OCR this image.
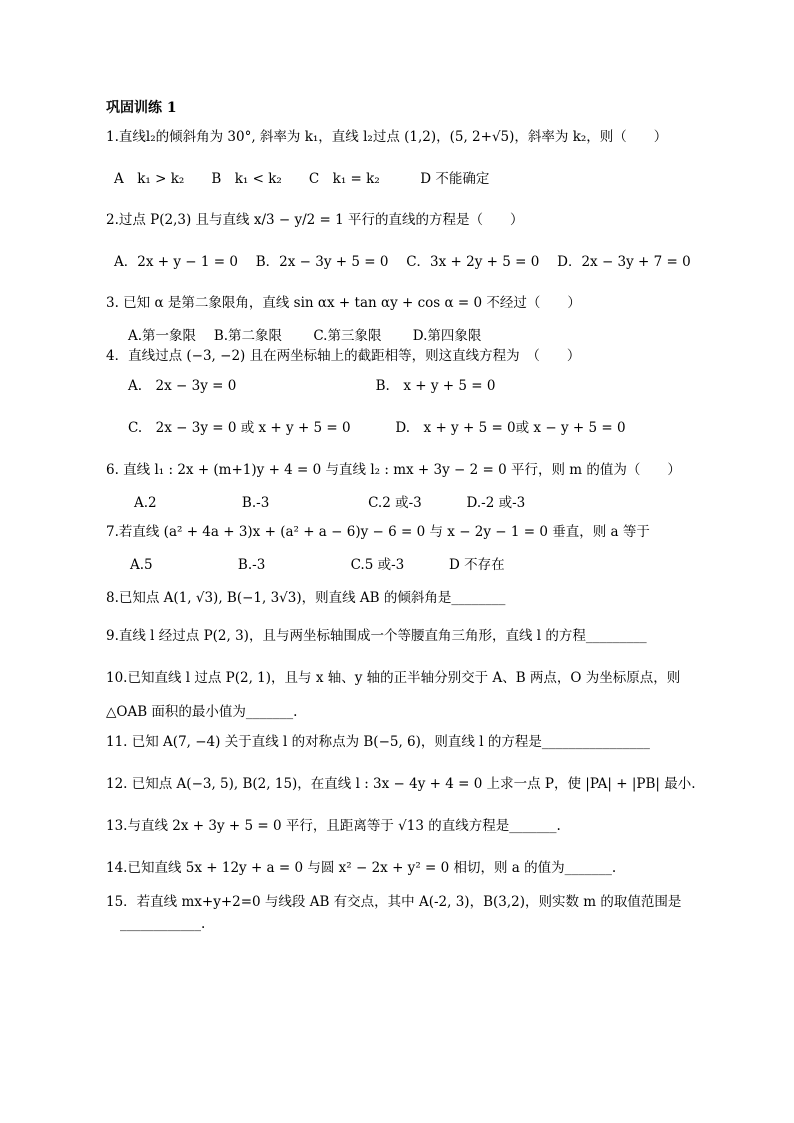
巩固训练 1
1.直线l₂的倾斜角为 30°, 斜率为 k₁，直线 l₂过点 (1,2)，(5, 2+√5)，斜率为 k₂，则（　　）
A　k₁ > k₂　　B　k₁ < k₂　　C　k₁ = k₂　　　D 不能确定
2.过点 P(2,3) 且与直线 x/3 − y/2 = 1 平行的直线的方程是（　　）
A．2x + y − 1 = 0　 B．2x − 3y + 5 = 0　 C．3x + 2y + 5 = 0　 D．2x − 3y + 7 = 0
3. 已知 α 是第二象限角，直线 sin αx + tan αy + cos α = 0 不经过（　　）
A.第一象限　 B.第二象限　　 C.第三象限　　 D.第四象限
4．直线过点 (−3, −2) 且在两坐标轴上的截距相等，则这直线方程为　（　　）
A.　2x − 3y = 0　　　　　　　　　　 B.　x + y + 5 = 0
C.　2x − 3y = 0 或 x + y + 5 = 0　　　 D.　x + y + 5 = 0或 x − y + 5 = 0
6. 直线 l₁ : 2x + (m+1)y + 4 = 0 与直线 l₂ : mx + 3y − 2 = 0 平行，则 m 的值为（　　）
A.2　　　　　　 B.-3　　　　　　　 C.2 或-3　　　 D.-2 或-3
7.若直线 (a² + 4a + 3)x + (a² + a − 6)y − 6 = 0 与 x − 2y − 1 = 0 垂直，则 a 等于
A.5　　　　　　 B.-3　　　　　　 C.5 或-3　　　 D 不存在
8.已知点 A(1, √3), B(−1, 3√3)，则直线 AB 的倾斜角是________
9.直线 l 经过点 P(2, 3)，且与两坐标轴围成一个等腰直角三角形，直线 l 的方程_________
10.已知直线 l 过点 P(2, 1)，且与 x 轴、y 轴的正半轴分别交于 A、B 两点，O 为坐标原点，则
△OAB 面积的最小值为_______.
11. 已知 A(7, −4) 关于直线 l 的对称点为 B(−5, 6)，则直线 l 的方程是________________
12. 已知点 A(−3, 5), B(2, 15)，在直线 l : 3x − 4y + 4 = 0 上求一点 P，使 |PA| + |PB| 最小.
13.与直线 2x + 3y + 5 = 0 平行，且距离等于 √13 的直线方程是_______.
14.已知直线 5x + 12y + a = 0 与圆 x² − 2x + y² = 0 相切，则 a 的值为_______.
15．若直线 mx+y+2=0 与线段 AB 有交点，其中 A(-2, 3)，B(3,2)，则实数 m 的取值范围是
____________.
